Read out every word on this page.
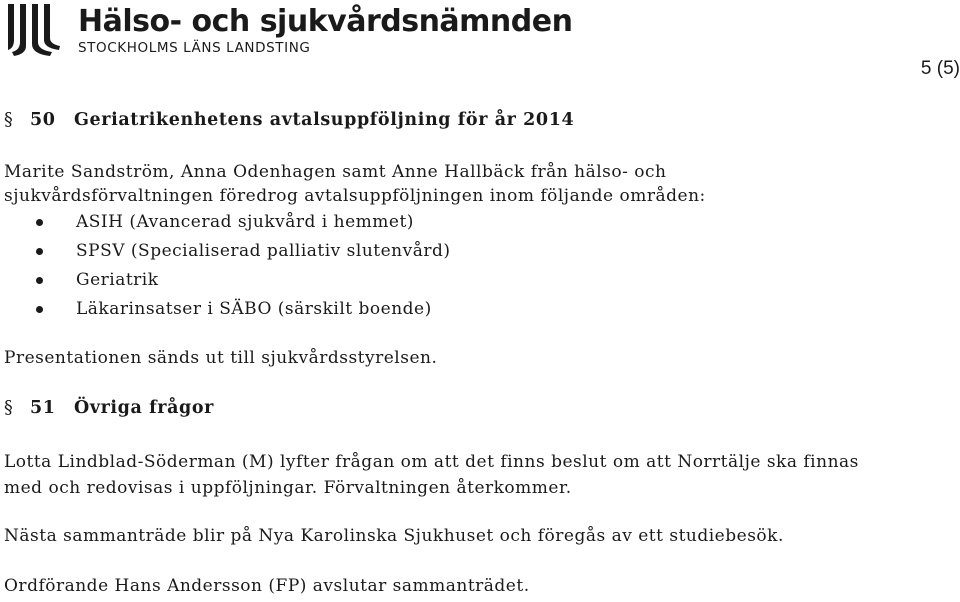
Hälso- och sjukvårdsnämnden
STOCKHOLMS LÄNS LANDSTING
5 (5)
§ 50 Geriatrikenhetens avtalsuppföljning för år 2014

Marite Sandström, Anna Odenhagen samt Anne Hallbäck från hälso- och

sjukvårdsförvaltningen föredrog avtalsuppföljningen inom följande områden:

ASIH (Avancerad sjukvård i hemmet)
SPSV (Specialiserad palliativ slutenvård)
Geriatrik
Läkarinsatser i SÄBO (särskilt boende)

Presentationen sänds ut till sjukvårdsstyrelsen.

§ 51 Övriga frågor

Lotta Lindblad-Söderman (M) lyfter frågan om att det finns beslut om att Norrtälje ska finnas

med och redovisas i uppföljningar. Förvaltningen återkommer.

Nästa sammanträde blir på Nya Karolinska Sjukhuset och föregås av ett studiebesök.

Ordförande Hans Andersson (FP) avslutar sammanträdet.
